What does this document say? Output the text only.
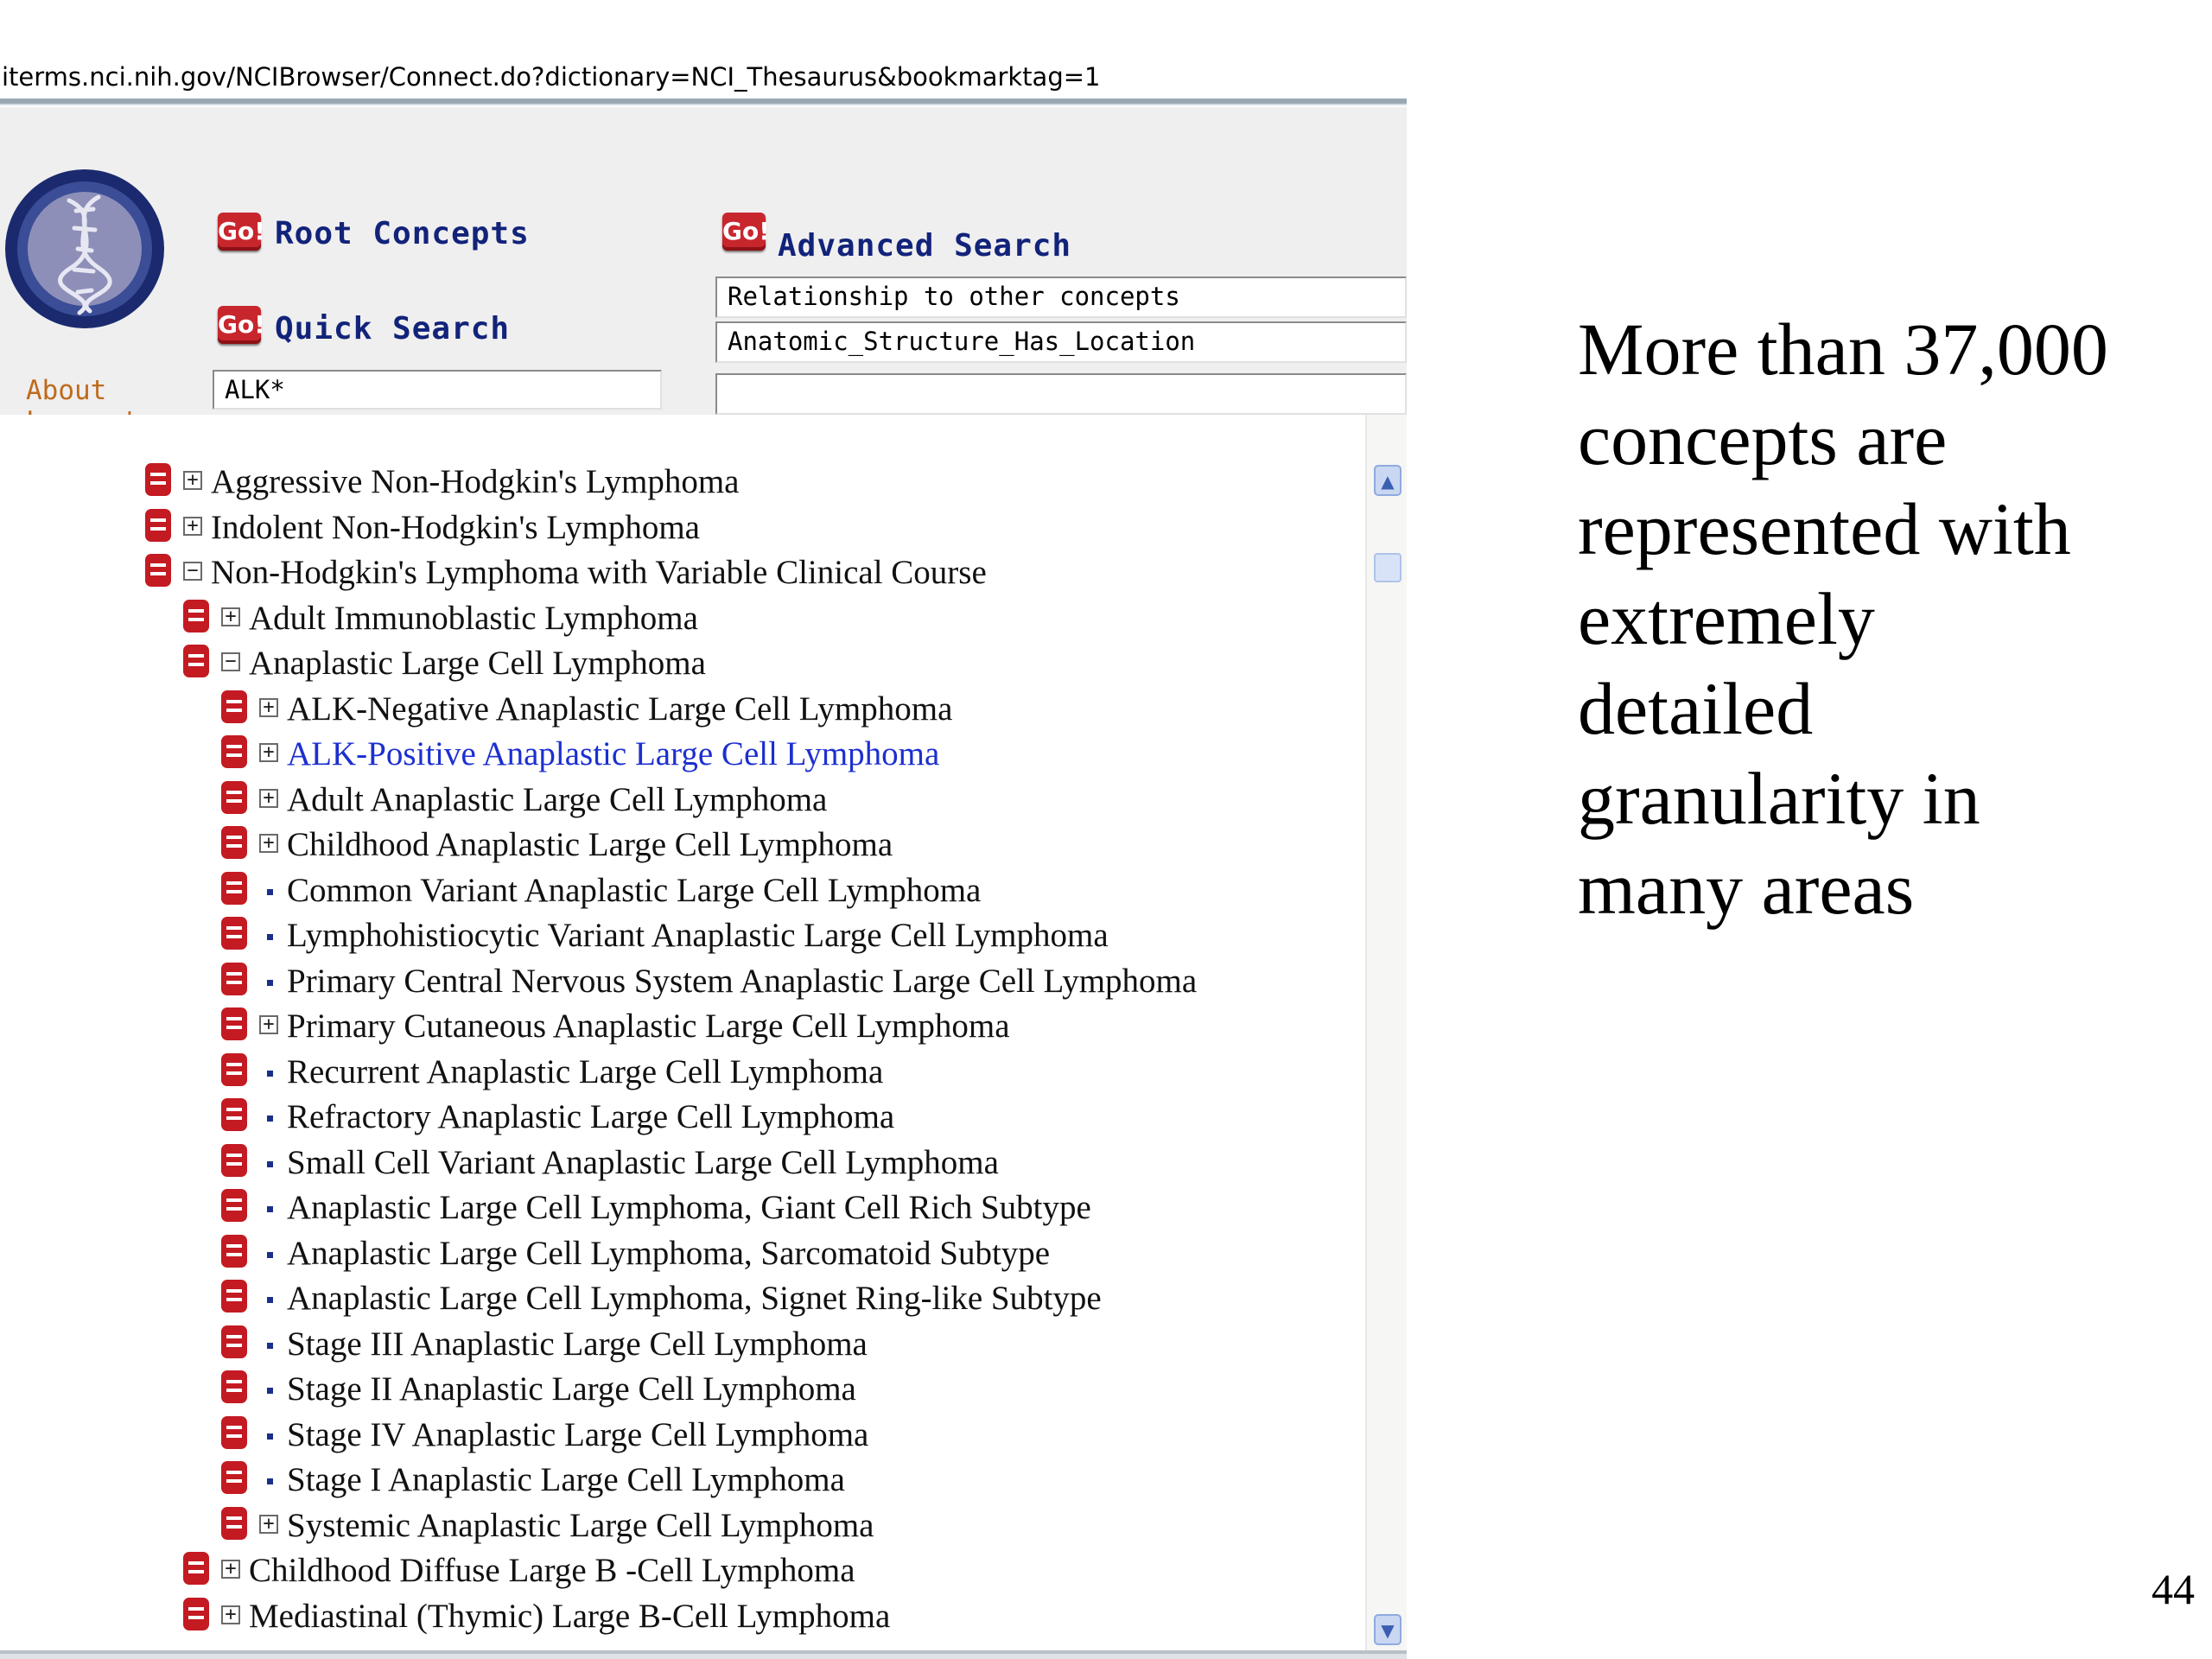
iterms.nci.nih.gov/NCIBrowser/Connect.do?dictionary=NCI_Thesaurus&bookmarktag=1
Go! Root Concepts
Go! Quick Search
Go! Advanced Search
Relationship to other concepts
Anatomic_Structure_Has_Location
ALK*
About
+ Aggressive Non-Hodgkin's Lymphoma
+ Indolent Non-Hodgkin's Lymphoma
− Non-Hodgkin's Lymphoma with Variable Clinical Course
+ Adult Immunoblastic Lymphoma
− Anaplastic Large Cell Lymphoma
+ ALK-Negative Anaplastic Large Cell Lymphoma
+ ALK-Positive Anaplastic Large Cell Lymphoma
+ Adult Anaplastic Large Cell Lymphoma
+ Childhood Anaplastic Large Cell Lymphoma
Common Variant Anaplastic Large Cell Lymphoma
Lymphohistiocytic Variant Anaplastic Large Cell Lymphoma
Primary Central Nervous System Anaplastic Large Cell Lymphoma
+ Primary Cutaneous Anaplastic Large Cell Lymphoma
Recurrent Anaplastic Large Cell Lymphoma
Refractory Anaplastic Large Cell Lymphoma
Small Cell Variant Anaplastic Large Cell Lymphoma
Anaplastic Large Cell Lymphoma, Giant Cell Rich Subtype
Anaplastic Large Cell Lymphoma, Sarcomatoid Subtype
Anaplastic Large Cell Lymphoma, Signet Ring-like Subtype
Stage III Anaplastic Large Cell Lymphoma
Stage II Anaplastic Large Cell Lymphoma
Stage IV Anaplastic Large Cell Lymphoma
Stage I Anaplastic Large Cell Lymphoma
+ Systemic Anaplastic Large Cell Lymphoma
+ Childhood Diffuse Large B -Cell Lymphoma
+ Mediastinal (Thymic) Large B-Cell Lymphoma
▲
▼
More than 37,000
concepts are
represented with
extremely
detailed
granularity in
many areas
44
